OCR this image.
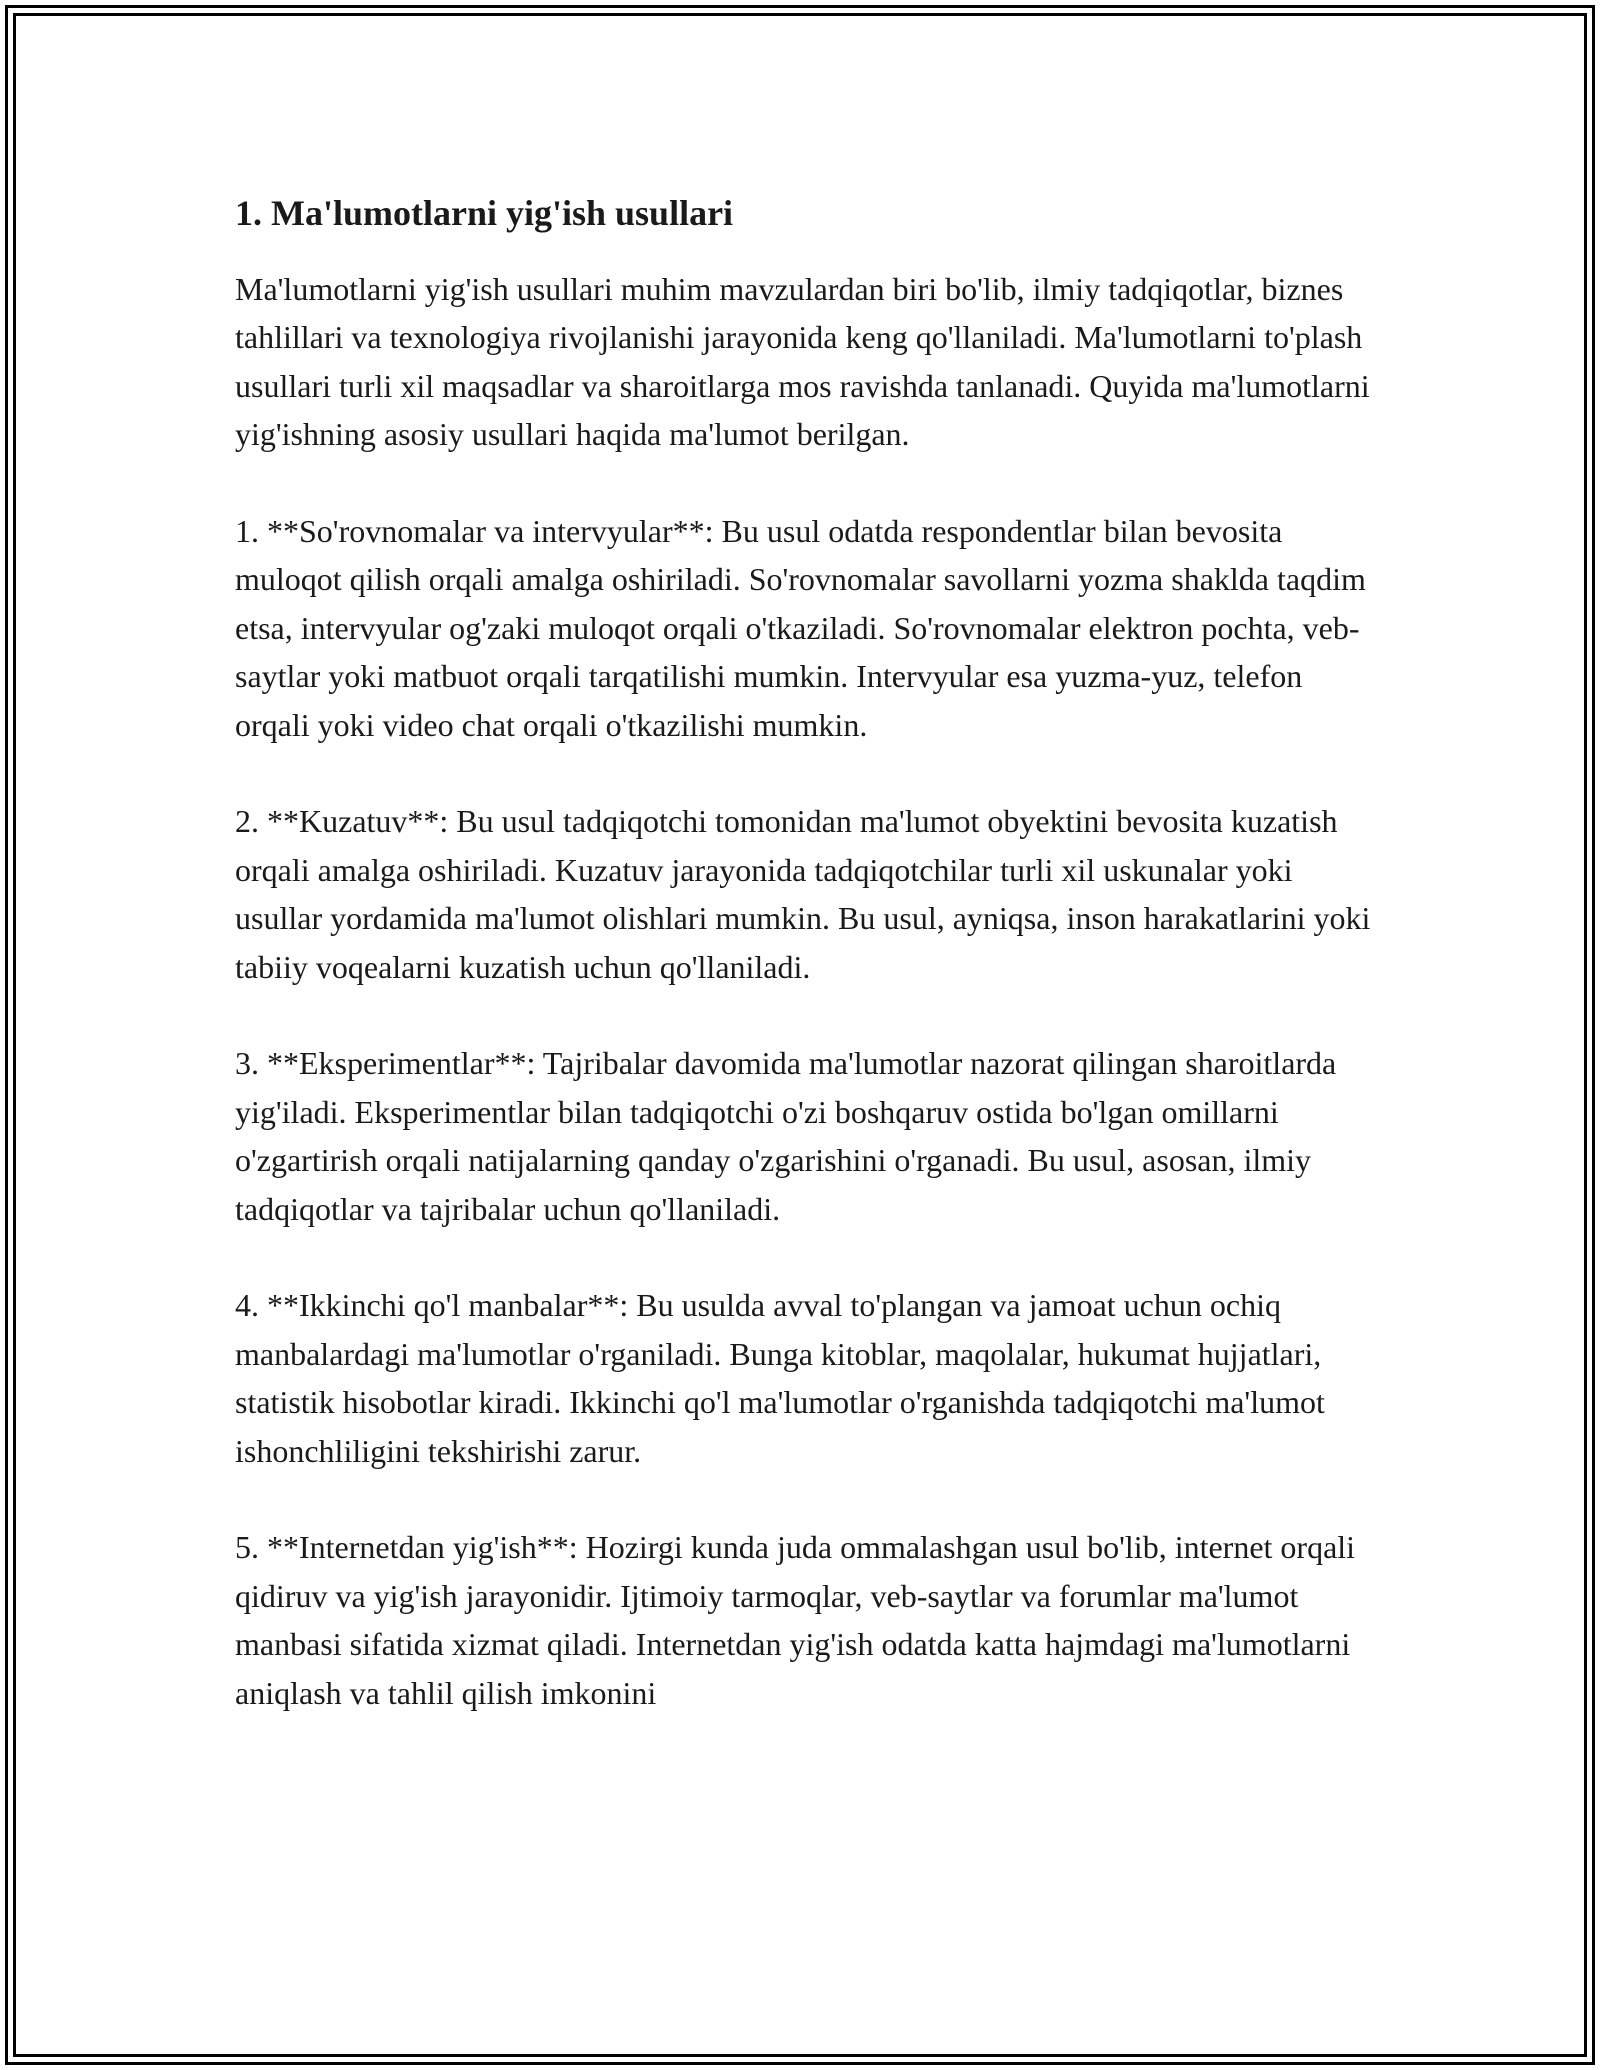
1. Ma'lumotlarni yig'ish usullari

Ma'lumotlarni yig'ish usullari muhim mavzulardan biri bo'lib, ilmiy tadqiqotlar, biznes tahlillari va texnologiya rivojlanishi jarayonida keng qo'llaniladi. Ma'lumotlarni to'plash usullari turli xil maqsadlar va sharoitlarga mos ravishda tanlanadi. Quyida ma'lumotlarni yig'ishning asosiy usullari haqida ma'lumot berilgan.

1. **So'rovnomalar va intervyular**: Bu usul odatda respondentlar bilan bevosita muloqot qilish orqali amalga oshiriladi. So'rovnomalar savollarni yozma shaklda taqdim etsa, intervyular og'zaki muloqot orqali o'tkaziladi. So'rovnomalar elektron pochta, veb-saytlar yoki matbuot orqali tarqatilishi mumkin. Intervyular esa yuzma-yuz, telefon orqali yoki video chat orqali o'tkazilishi mumkin.

2. **Kuzatuv**: Bu usul tadqiqotchi tomonidan ma'lumot obyektini bevosita kuzatish orqali amalga oshiriladi. Kuzatuv jarayonida tadqiqotchilar turli xil uskunalar yoki usullar yordamida ma'lumot olishlari mumkin. Bu usul, ayniqsa, inson harakatlarini yoki tabiiy voqealarni kuzatish uchun qo'llaniladi.

3. **Eksperimentlar**: Tajribalar davomida ma'lumotlar nazorat qilingan sharoitlarda yig'iladi. Eksperimentlar bilan tadqiqotchi o'zi boshqaruv ostida bo'lgan omillarni o'zgartirish orqali natijalarning qanday o'zgarishini o'rganadi. Bu usul, asosan, ilmiy tadqiqotlar va tajribalar uchun qo'llaniladi.

4. **Ikkinchi qo'l manbalar**: Bu usulda avval to'plangan va jamoat uchun ochiq manbalardagi ma'lumotlar o'rganiladi. Bunga kitoblar, maqolalar, hukumat hujjatlari, statistik hisobotlar kiradi. Ikkinchi qo'l ma'lumotlar o'rganishda tadqiqotchi ma'lumot ishonchliligini tekshirishi zarur.

5. **Internetdan yig'ish**: Hozirgi kunda juda ommalashgan usul bo'lib, internet orqali qidiruv va yig'ish jarayonidir. Ijtimoiy tarmoqlar, veb-saytlar va forumlar ma'lumot manbasi sifatida xizmat qiladi. Internetdan yig'ish odatda katta hajmdagi ma'lumotlarni aniqlash va tahlil qilish imkonini
